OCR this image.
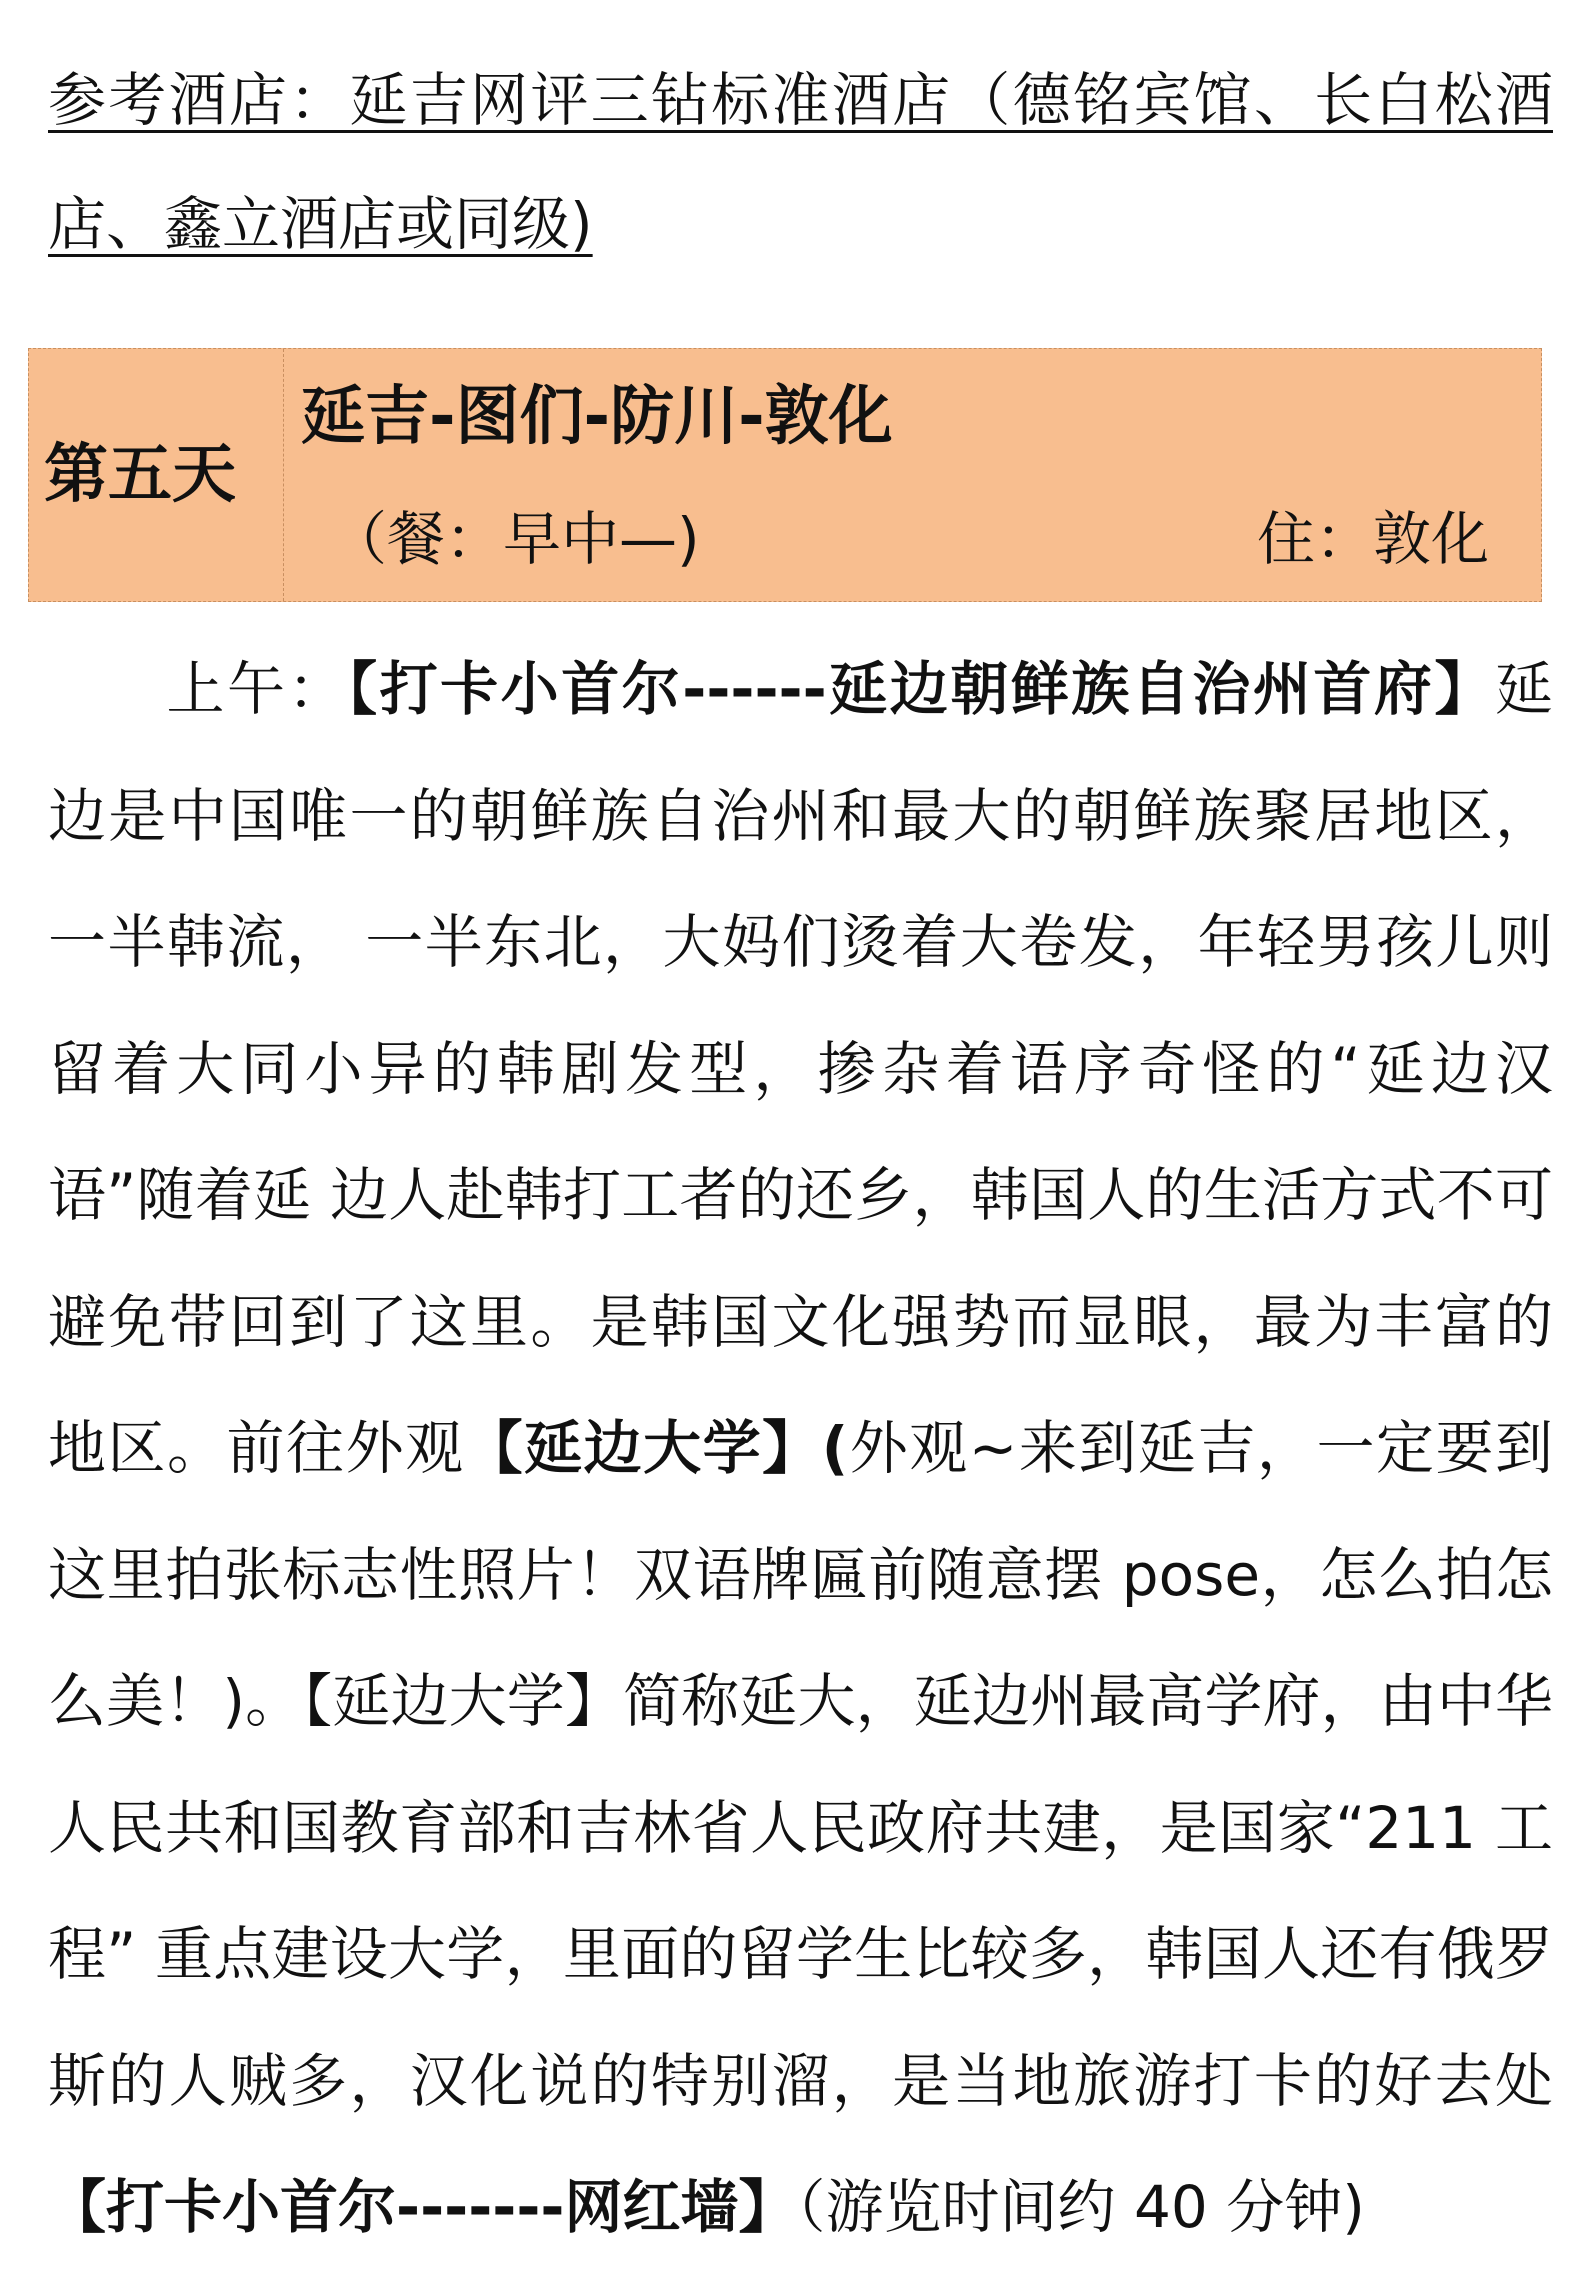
参考酒店：延吉网评三钻标准酒店（德铭宾馆、长白松酒店、鑫立酒店或同级)

第五天
延吉-图们-防川-敦化
（餐：早中—)	住：敦化

上午：【打卡小首尔------延边朝鲜族自治州首府】延边是中国唯一的朝鲜族自治州和最大的朝鲜族聚居地区，一半韩流， 一半东北，大妈们烫着大卷发，年轻男孩儿则留着大同小异的韩剧发型，掺杂着语序奇怪的“延边汉语”随着延 边人赴韩打工者的还乡，韩国人的生活方式不可避免带回到了这里。是韩国文化强势而显眼，最为丰富的地区。前往外观【延边大学】(外观~来到延吉，一定要到这里拍张标志性照片！双语牌匾前随意摆 pose，怎么拍怎么美！)。【延边大学】简称延大，延边州最高学府，由中华人民共和国教育部和吉林省人民政府共建，是国家“211 工程” 重点建设大学，里面的留学生比较多，韩国人还有俄罗斯的人贼多，汉化说的特别溜，是当地旅游打卡的好去处 【打卡小首尔-------网红墙】（游览时间约 40 分钟)
